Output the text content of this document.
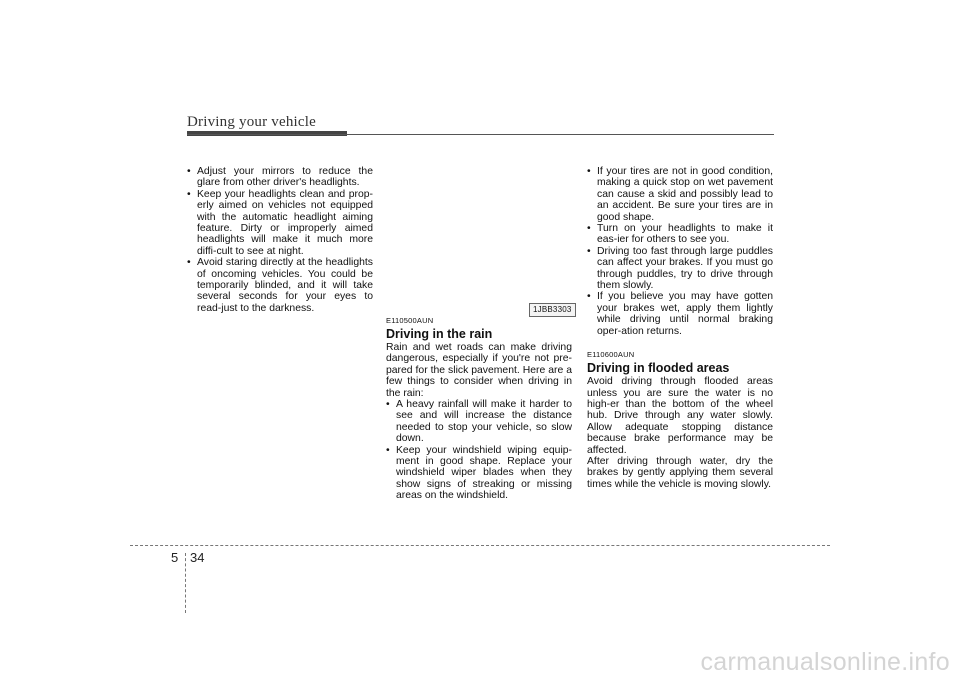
Driving your vehicle
• Adjust your mirrors to reduce the glare from other driver's headlights.
• Keep your headlights clean and prop-erly aimed on vehicles not equipped with the automatic headlight aiming feature. Dirty or improperly aimed headlights will make it much more diffi-cult to see at night.
• Avoid staring directly at the headlights of oncoming vehicles. You could be temporarily blinded, and it will take several seconds for your eyes to read-just to the darkness.	1JBB3303
E110500AUN
Driving in the rain

Rain and wet roads can make driving dangerous, especially if you're not pre-pared for the slick pavement. Here are a few things to consider when driving in the rain:

• A heavy rainfall will make it harder to see and will increase the distance needed to stop your vehicle, so slow down.
• Keep your windshield wiping equip-ment in good shape. Replace your windshield wiper blades when they show signs of streaking or missing areas on the windshield.
• If your tires are not in good condition, making a quick stop on wet pavement can cause a skid and possibly lead to an accident. Be sure your tires are in good shape.
• Turn on your headlights to make it eas-ier for others to see you.
• Driving too fast through large puddles can affect your brakes. If you must go through puddles, try to drive through them slowly.
• If you believe you may have gotten your brakes wet, apply them lightly while driving until normal braking oper-ation returns.
E110600AUN
Driving in flooded areas

Avoid driving through flooded areas unless you are sure the water is no high-er than the bottom of the wheel hub. Drive through any water slowly. Allow adequate stopping distance because brake performance may be affected.

After driving through water, dry the brakes by gently applying them several times while the vehicle is moving slowly.

5 34
carmanualsonline.info
